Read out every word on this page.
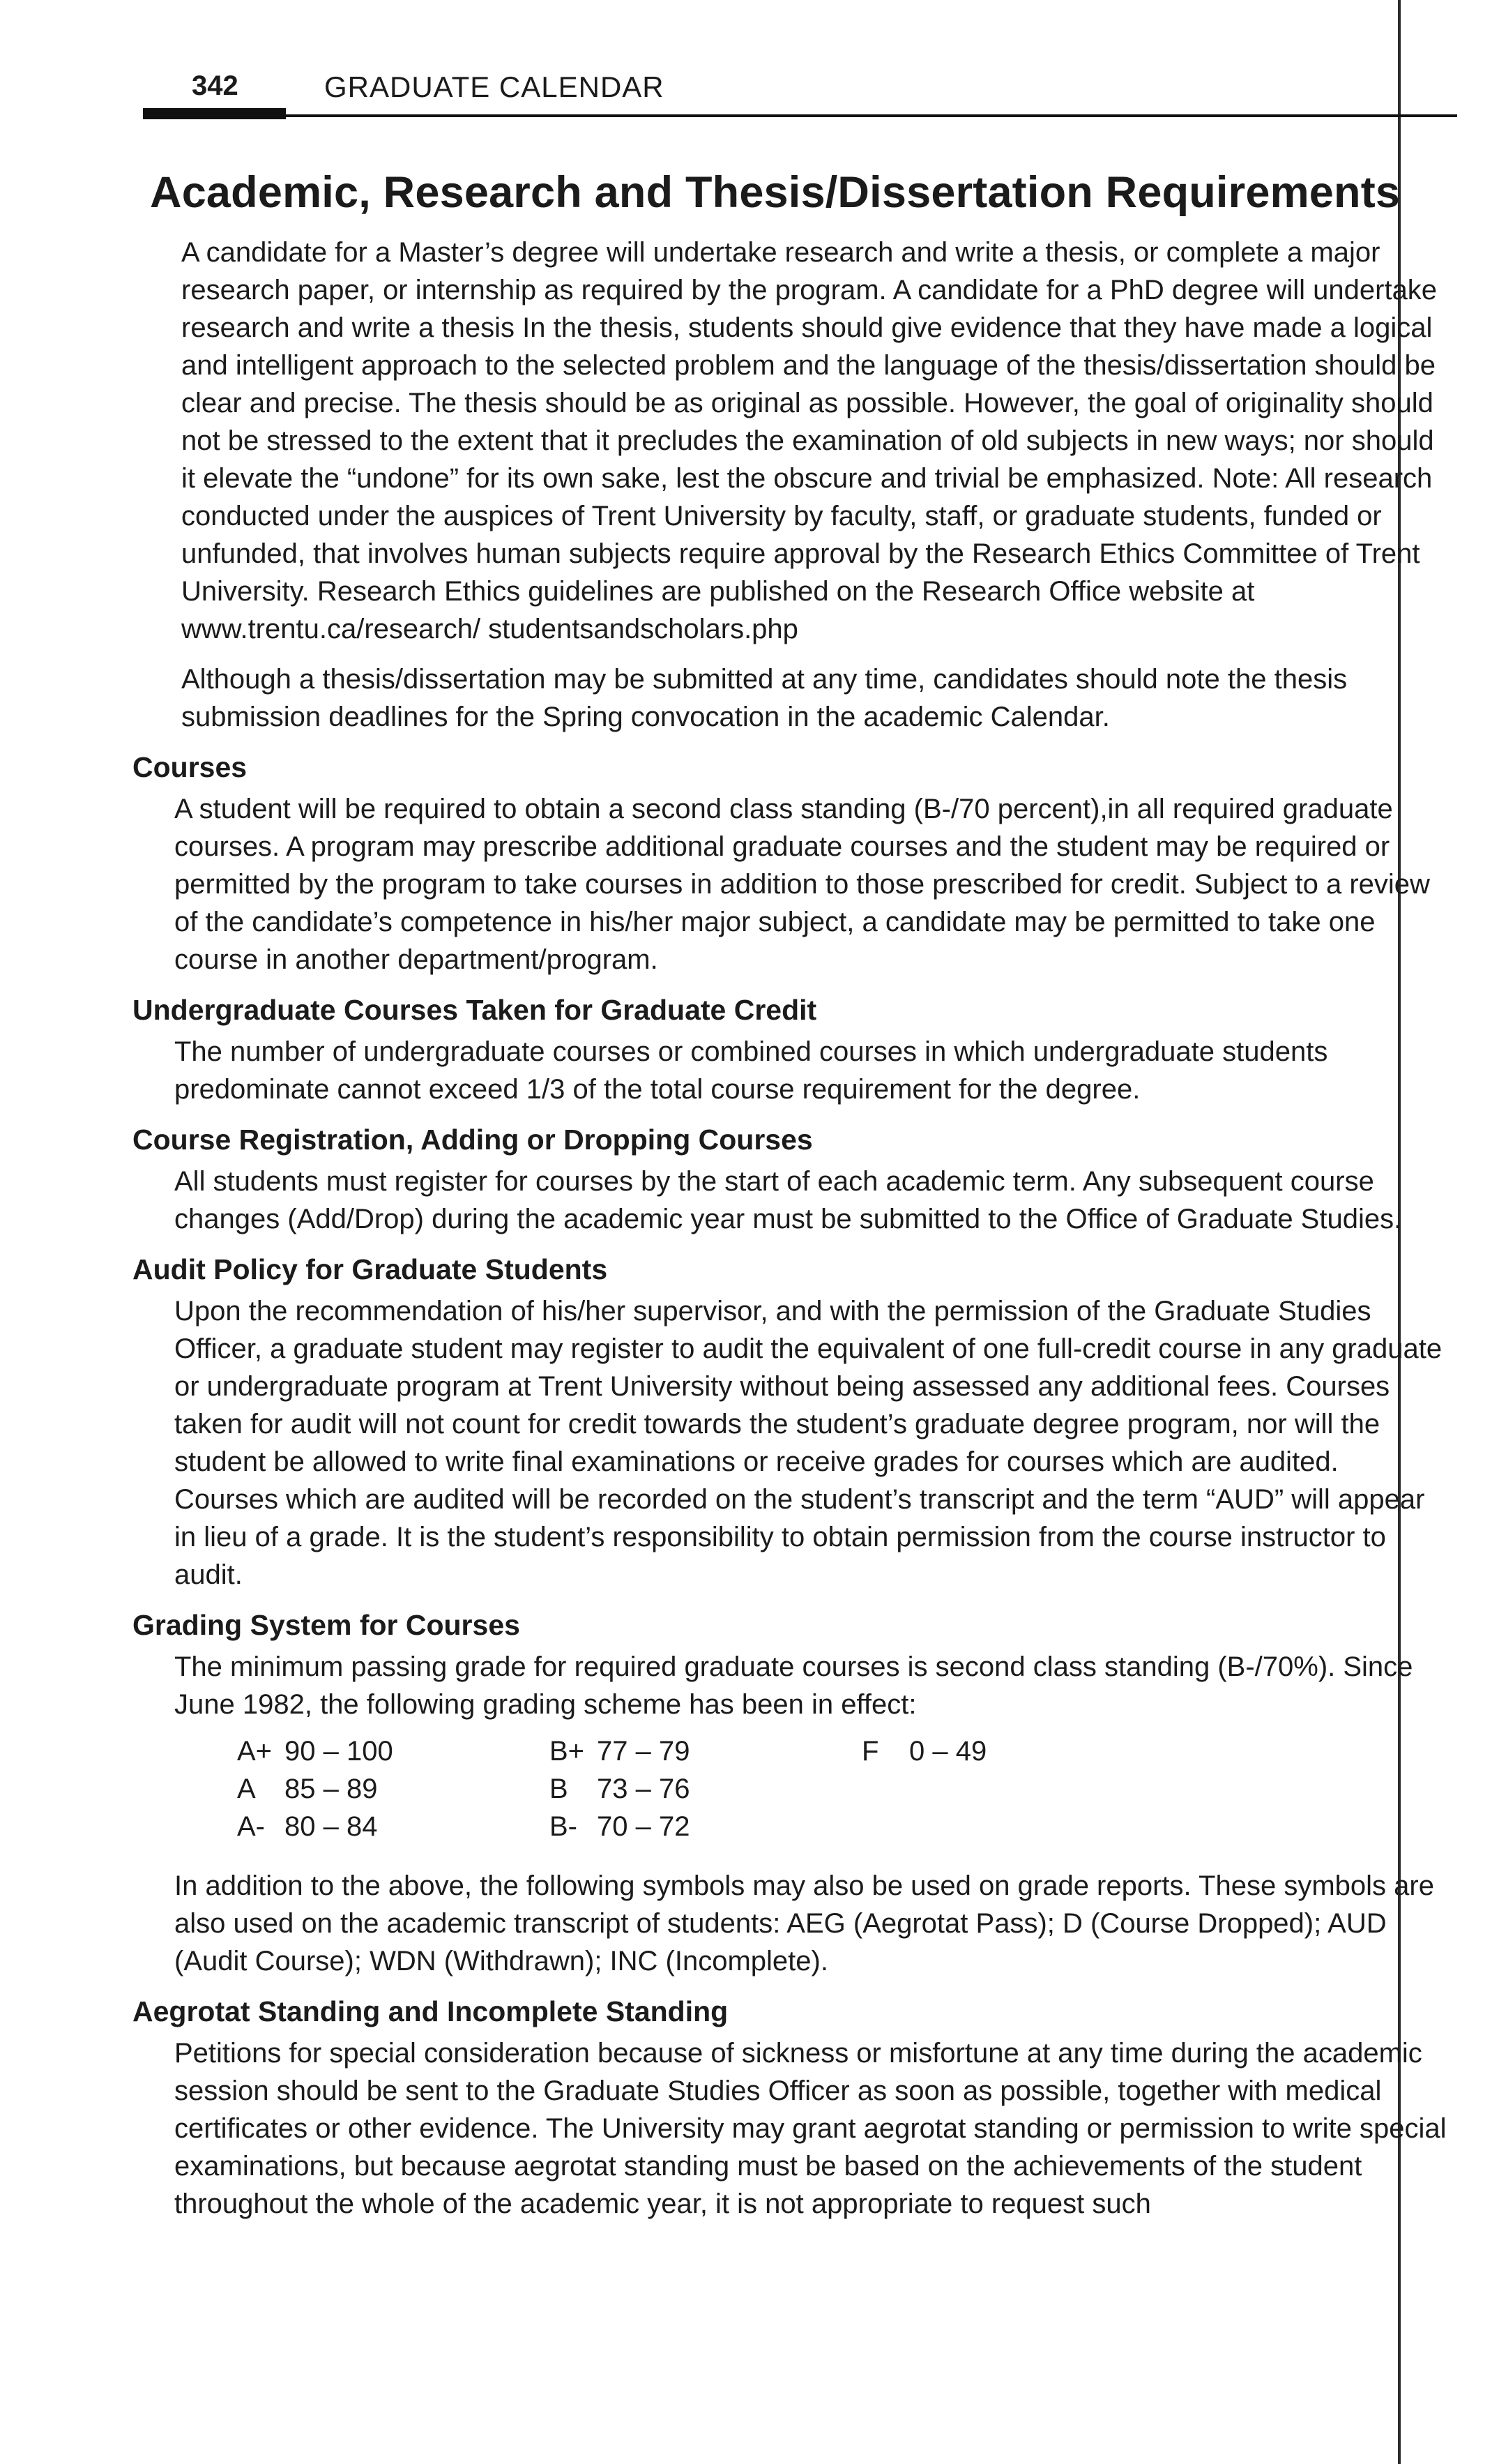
342	GRADUATE CALENDAR
Academic, Research and Thesis/Dissertation Requirements

A candidate for a Master’s degree will undertake research and write a thesis, or complete a major research paper, or internship as required by the program. A candidate for a PhD degree will undertake research and write a thesis In the thesis, students should give evidence that they have made a logical and intelligent approach to the selected problem and the language of the thesis/dissertation should be clear and precise. The thesis should be as original as possible. However, the goal of originality should not be stressed to the extent that it precludes the examination of old subjects in new ways; nor should it elevate the “undone” for its own sake, lest the obscure and trivial be emphasized. Note: All research conducted under the auspices of Trent University by faculty, staff, or graduate students, funded or unfunded, that involves human subjects require approval by the Research Ethics Committee of Trent University. Research Ethics guidelines are published on the Research Office website at www.trentu.ca/research/ studentsandscholars.php

Although a thesis/dissertation may be submitted at any time, candidates should note the thesis submission deadlines for the Spring convocation in the academic Calendar.

Courses

A student will be required to obtain a second class standing (B-/70 percent),in all required graduate courses. A program may prescribe additional graduate courses and the student may be required or permitted by the program to take courses in addition to those prescribed for credit. Subject to a review of the candidate’s competence in his/her major subject, a candidate may be permitted to take one course in another department/program.

Undergraduate Courses Taken for Graduate Credit

The number of undergraduate courses or combined courses in which undergraduate students predominate cannot exceed 1/3 of the total course requirement for the degree.

Course Registration, Adding or Dropping Courses

All students must register for courses by the start of each academic term. Any subsequent course changes (Add/Drop) during the academic year must be submitted to the Office of Graduate Studies.

Audit Policy for Graduate Students

Upon the recommendation of his/her supervisor, and with the permission of the Graduate Studies Officer, a graduate student may register to audit the equivalent of one full-credit course in any graduate or undergraduate program at Trent University without being assessed any additional fees. Courses taken for audit will not count for credit towards the student’s graduate degree program, nor will the student be allowed to write final examinations or receive grades for courses which are audited. Courses which are audited will be recorded on the student’s transcript and the term “AUD” will appear in lieu of a grade. It is the student’s responsibility to obtain permission from the course instructor to audit.

Grading System for Courses

The minimum passing grade for required graduate courses is second class standing (B-/70%). Since June 1982, the following grading scheme has been in effect:

A+	90 – 100	B+	77 – 79	F	0 – 49
A	85 – 89	B	73 – 76		
A-	80 – 84	B-	70 – 72		

In addition to the above, the following symbols may also be used on grade reports. These symbols are also used on the academic transcript of students: AEG (Aegrotat Pass); D (Course Dropped); AUD (Audit Course); WDN (Withdrawn); INC (Incomplete).

Aegrotat Standing and Incomplete Standing

Petitions for special consideration because of sickness or misfortune at any time during the academic session should be sent to the Graduate Studies Officer as soon as possible, together with medical certificates or other evidence. The University may grant aegrotat standing or permission to write special examinations, but because aegrotat standing must be based on the achievements of the student throughout the whole of the academic year, it is not appropriate to request such
